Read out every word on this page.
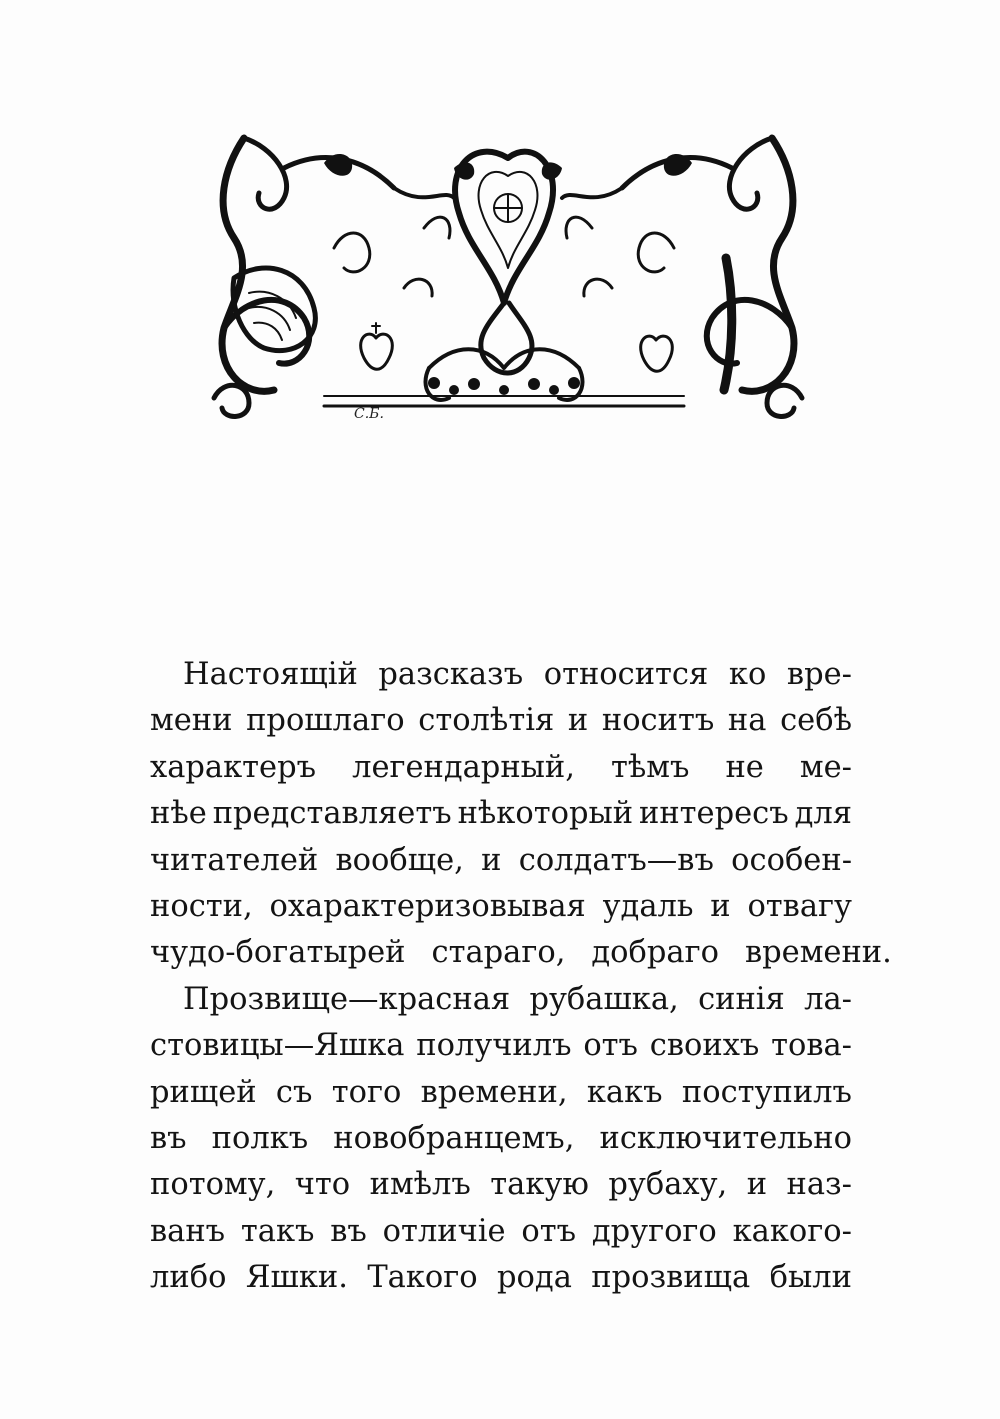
С.Б.
Настоящій разсказъ относится ко вре-
мени прошлаго столѣтія и носитъ на себѣ
характеръ легендарный, тѣмъ не ме-
нѣе представляетъ нѣкоторый интересъ для
читателей вообще, и солдатъ—въ особен-
ности, охарактеризовывая удаль и отвагу
чудо-богатырей стараго, добраго времени.
Прозвище—красная рубашка, синія ла-
стовицы—Яшка получилъ отъ своихъ това-
рищей съ того времени, какъ поступилъ
въ полкъ новобранцемъ, исключительно
потому, что имѣлъ такую рубаху, и наз-
ванъ такъ въ отличіе отъ другого какого-
либо Яшки. Такого рода прозвища были
